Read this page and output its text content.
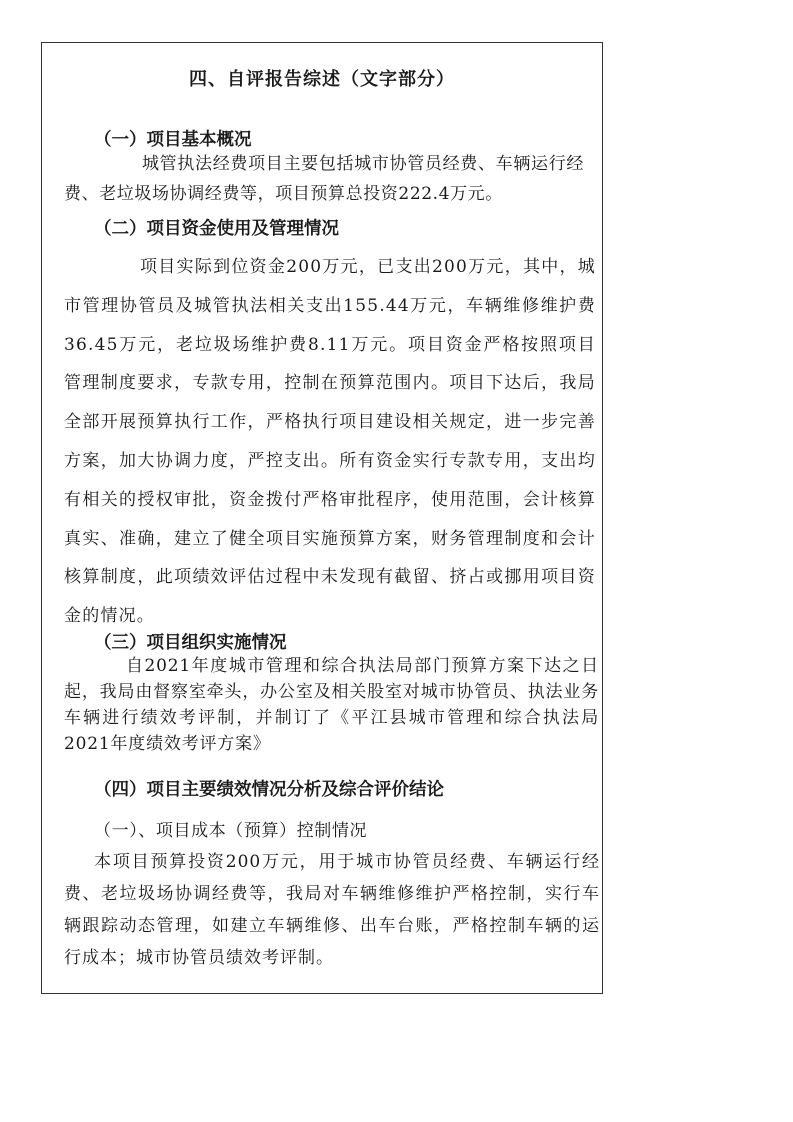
四、自评报告综述（文字部分）
（一）项目基本概况

城管执法经费项目主要包括城市协管员经费、车辆运行经费、老垃圾场协调经费等，项目预算总投资222.4万元。

（二）项目资金使用及管理情况

项目实际到位资金200万元，已支出200万元，其中，城市管理协管员及城管执法相关支出155.44万元，车辆维修维护费36.45万元，老垃圾场维护费8.11万元。项目资金严格按照项目管理制度要求，专款专用，控制在预算范围内。项目下达后，我局全部开展预算执行工作，严格执行项目建设相关规定，进一步完善方案，加大协调力度，严控支出。所有资金实行专款专用，支出均有相关的授权审批，资金拨付严格审批程序，使用范围，会计核算真实、准确，建立了健全项目实施预算方案，财务管理制度和会计核算制度，此项绩效评估过程中未发现有截留、挤占或挪用项目资金的情况。

（三）项目组织实施情况

自2021年度城市管理和综合执法局部门预算方案下达之日起，我局由督察室牵头，办公室及相关股室对城市协管员、执法业务车辆进行绩效考评制，并制订了《平江县城市管理和综合执法局2021年度绩效考评方案》

（四）项目主要绩效情况分析及综合评价结论
（一）、项目成本（预算）控制情况

本项目预算投资200万元，用于城市协管员经费、车辆运行经费、老垃圾场协调经费等，我局对车辆维修维护严格控制，实行车辆跟踪动态管理，如建立车辆维修、出车台账，严格控制车辆的运行成本；城市协管员绩效考评制。
